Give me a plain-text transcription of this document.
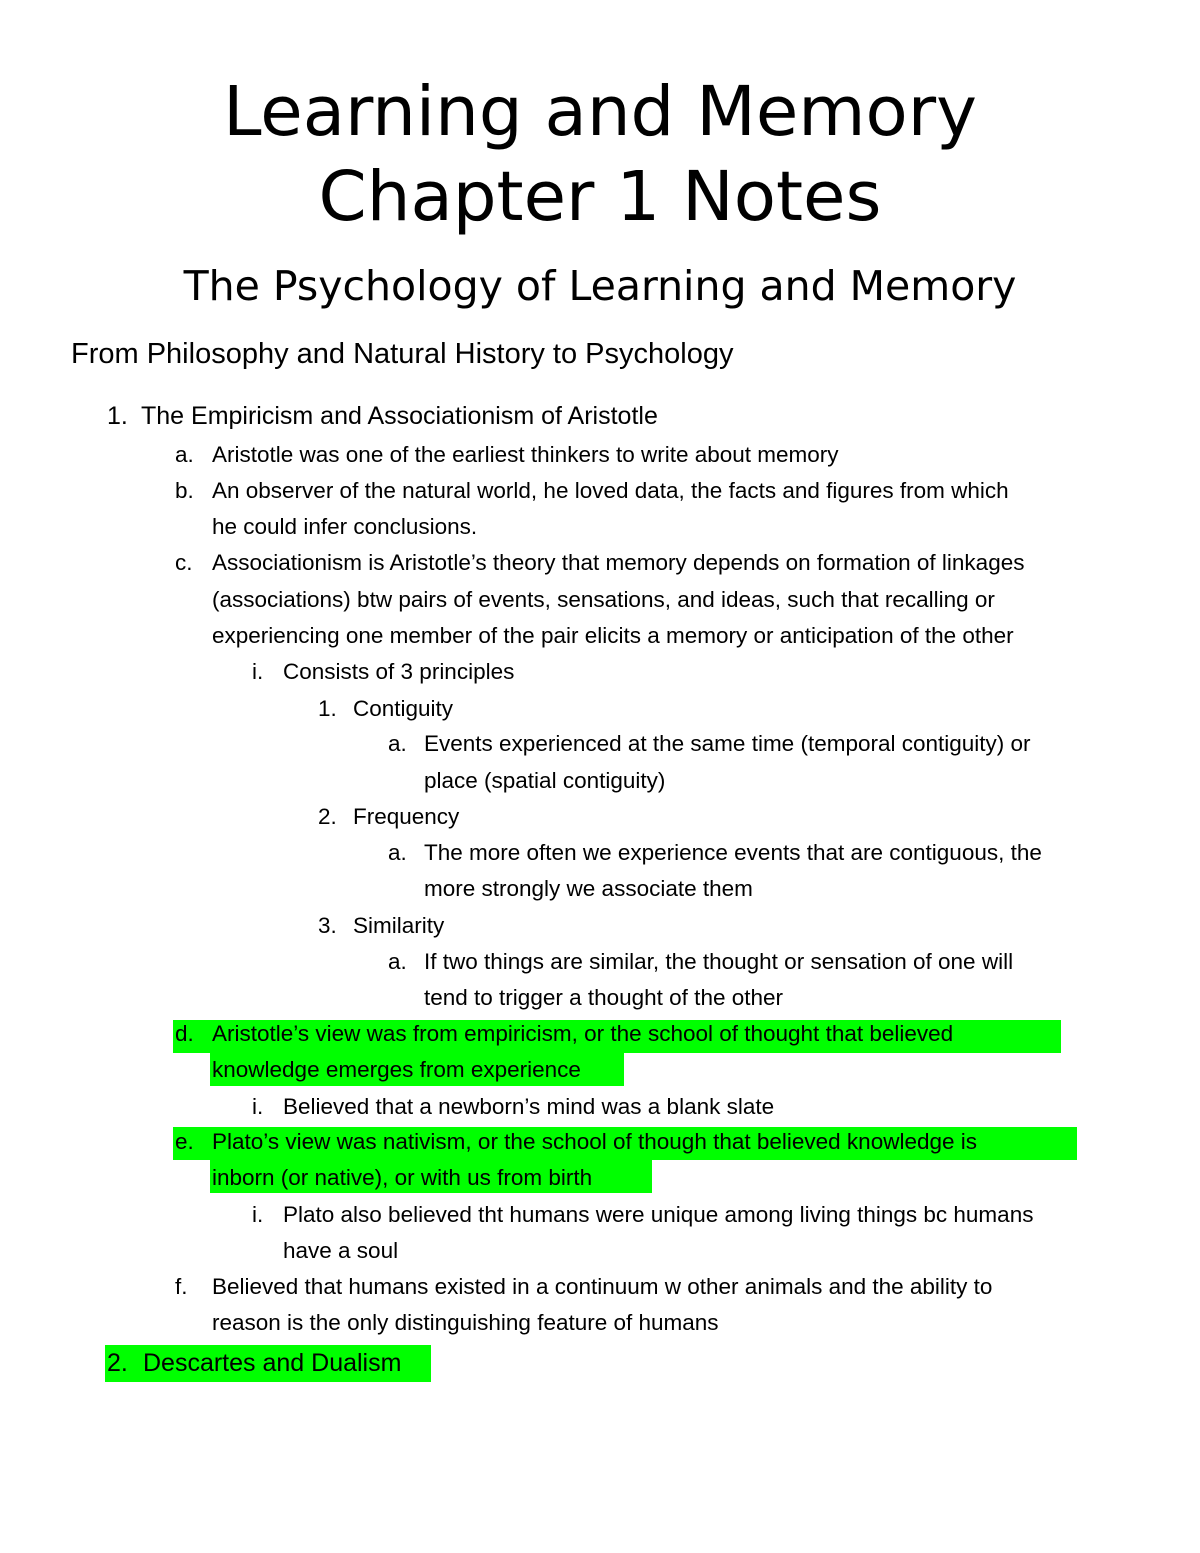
Learning and Memory
Chapter 1 Notes
The Psychology of Learning and Memory
From Philosophy and Natural History to Psychology
1. The Empiricism and Associationism of Aristotle
a. Aristotle was one of the earliest thinkers to write about memory
b. An observer of the natural world, he loved data, the facts and figures from which
he could infer conclusions.
c. Associationism is Aristotle’s theory that memory depends on formation of linkages
(associations) btw pairs of events, sensations, and ideas, such that recalling or
experiencing one member of the pair elicits a memory or anticipation of the other
i. Consists of 3 principles
1. Contiguity
a. Events experienced at the same time (temporal contiguity) or
place (spatial contiguity)
2. Frequency
a. The more often we experience events that are contiguous, the
more strongly we associate them
3. Similarity
a. If two things are similar, the thought or sensation of one will
tend to trigger a thought of the other
d. Aristotle’s view was from empiricism, or the school of thought that believed
knowledge emerges from experience
i. Believed that a newborn’s mind was a blank slate
e. Plato’s view was nativism, or the school of though that believed knowledge is
inborn (or native), or with us from birth
i. Plato also believed tht humans were unique among living things bc humans
have a soul
f. Believed that humans existed in a continuum w other animals and the ability to
reason is the only distinguishing feature of humans
2. Descartes and Dualism
